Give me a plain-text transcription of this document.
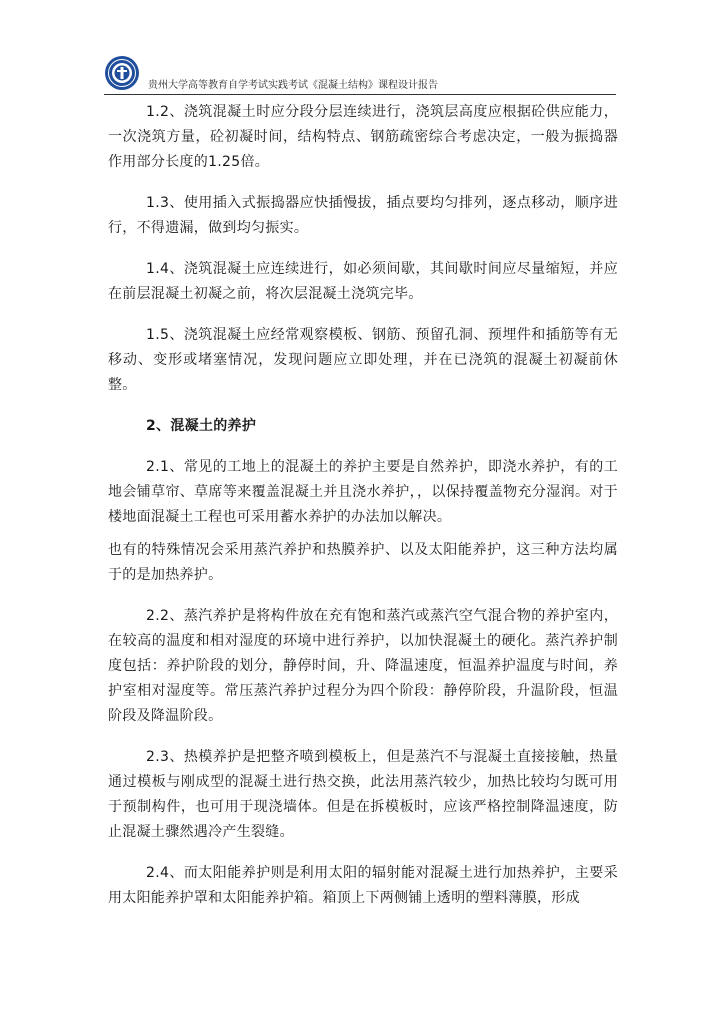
贵州大学高等教育自学考试实践考试《混凝土结构》课程设计报告

1.2、浇筑混凝土时应分段分层连续进行，浇筑层高度应根据砼供应能力，一次浇筑方量，砼初凝时间，结构特点、钢筋疏密综合考虑决定，一般为振捣器作用部分长度的1.25倍。

1.3、使用插入式振捣器应快插慢拔，插点要均匀排列，逐点移动，顺序进行，不得遗漏，做到均匀振实。

1.4、浇筑混凝土应连续进行，如必须间歇，其间歇时间应尽量缩短，并应在前层混凝土初凝之前，将次层混凝土浇筑完毕。

1.5、浇筑混凝土应经常观察模板、钢筋、预留孔洞、预埋件和插筋等有无移动、变形或堵塞情况，发现问题应立即处理，并在已浇筑的混凝土初凝前休整。

2、混凝土的养护

2.1、常见的工地上的混凝土的养护主要是自然养护，即浇水养护，有的工地会铺草帘、草席等来覆盖混凝土并且浇水养护，，以保持覆盖物充分湿润。对于楼地面混凝土工程也可采用蓄水养护的办法加以解决。

也有的特殊情况会采用蒸汽养护和热膜养护、以及太阳能养护，这三种方法均属于的是加热养护。

2.2、蒸汽养护是将构件放在充有饱和蒸汽或蒸汽空气混合物的养护室内，在较高的温度和相对湿度的环境中进行养护，以加快混凝土的硬化。蒸汽养护制度包括：养护阶段的划分，静停时间，升、降温速度，恒温养护温度与时间，养护室相对湿度等。常压蒸汽养护过程分为四个阶段：静停阶段，升温阶段，恒温阶段及降温阶段。

2.3、热模养护是把整齐喷到模板上，但是蒸汽不与混凝土直接接触，热量通过模板与刚成型的混凝土进行热交换，此法用蒸汽较少，加热比较均匀既可用于预制构件，也可用于现浇墙体。但是在拆模板时，应该严格控制降温速度，防止混凝土骤然遇冷产生裂缝。

2.4、而太阳能养护则是利用太阳的辐射能对混凝土进行加热养护，主要采用太阳能养护罩和太阳能养护箱。箱顶上下两侧铺上透明的塑料薄膜，形成
